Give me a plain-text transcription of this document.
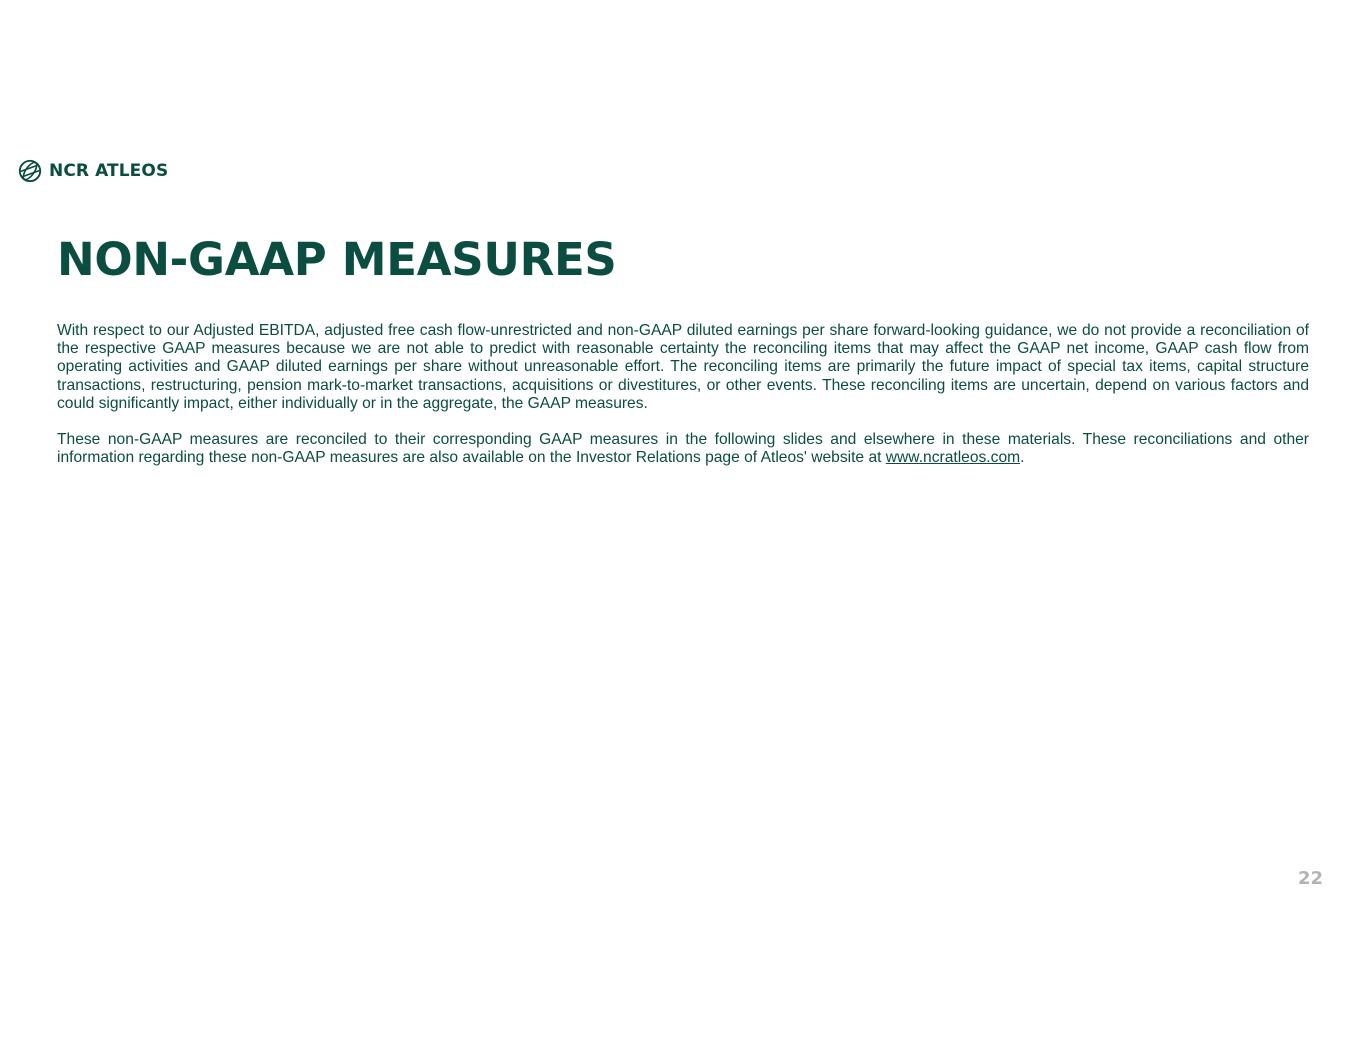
NCR ATLEOS
NON-GAAP MEASURES

With respect to our Adjusted EBITDA, adjusted free cash flow-unrestricted and non-GAAP diluted earnings per share forward-looking guidance, we do not provide a reconciliation of the respective GAAP measures because we are not able to predict with reasonable certainty the reconciling items that may affect the GAAP net income, GAAP cash flow from operating activities and GAAP diluted earnings per share without unreasonable effort. The reconciling items are primarily the future impact of special tax items, capital structure transactions, restructuring, pension mark-to-market transactions, acquisitions or divestitures, or other events. These reconciling items are uncertain, depend on various factors and could significantly impact, either individually or in the aggregate, the GAAP measures.

These non-GAAP measures are reconciled to their corresponding GAAP measures in the following slides and elsewhere in these materials. These reconciliations and other information regarding these non-GAAP measures are also available on the Investor Relations page of Atleos' website at www.ncratleos.com.

22
